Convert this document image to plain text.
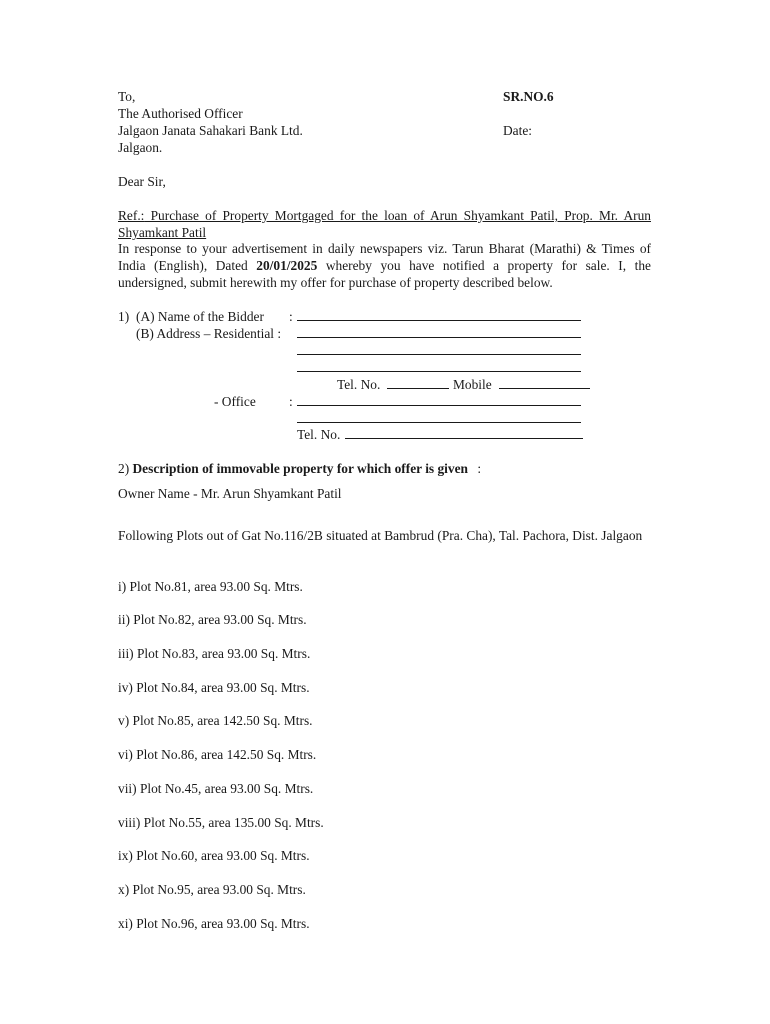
To,
The Authorised Officer
Jalgaon Janata Sahakari Bank Ltd.
Jalgaon.
SR.NO.6
Date:
Dear Sir,
Ref.: Purchase of Property Mortgaged for the loan of Arun Shyamkant Patil, Prop. Mr. Arun Shyamkant Patil
In response to your advertisement in daily newspapers viz. Tarun Bharat (Marathi) & Times of India (English), Dated 20/01/2025 whereby you have notified a property for sale. I, the undersigned, submit herewith my offer for purchase of property described below.
1) (A) Name of the Bidder :
(B) Address – Residential :
Tel. No.	Mobile
- Office :
Tel. No.
2) Description of immovable property for which offer is given :
Owner Name - Mr. Arun Shyamkant Patil
Following Plots out of Gat No.116/2B situated at Bambrud (Pra. Cha), Tal. Pachora, Dist. Jalgaon
i) Plot No.81, area 93.00 Sq. Mtrs.
ii) Plot No.82, area 93.00 Sq. Mtrs.
iii) Plot No.83, area 93.00 Sq. Mtrs.
iv) Plot No.84, area 93.00 Sq. Mtrs.
v) Plot No.85, area 142.50 Sq. Mtrs.
vi) Plot No.86, area 142.50 Sq. Mtrs.
vii) Plot No.45, area 93.00 Sq. Mtrs.
viii) Plot No.55, area 135.00 Sq. Mtrs.
ix) Plot No.60, area 93.00 Sq. Mtrs.
x) Plot No.95, area 93.00 Sq. Mtrs.
xi) Plot No.96, area 93.00 Sq. Mtrs.
